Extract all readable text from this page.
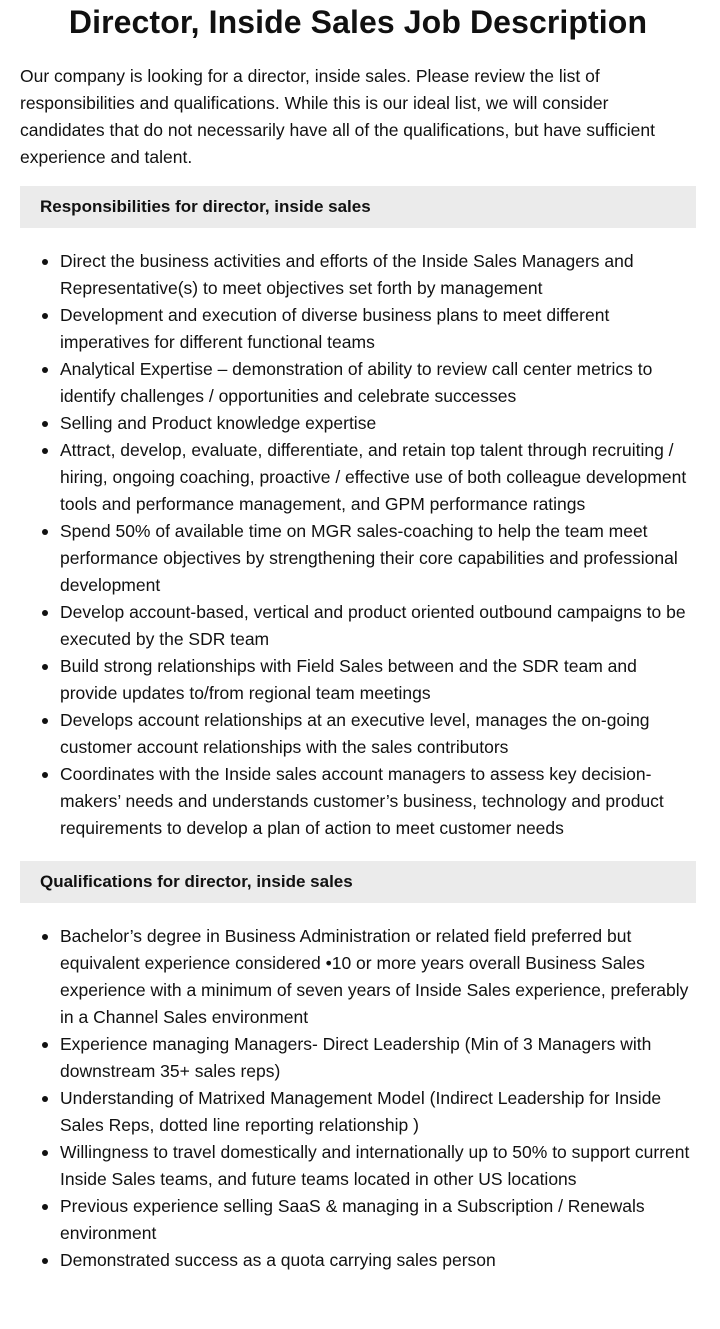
Director, Inside Sales Job Description

Our company is looking for a director, inside sales. Please review the list of responsibilities and qualifications. While this is our ideal list, we will consider candidates that do not necessarily have all of the qualifications, but have sufficient experience and talent.

Responsibilities for director, inside sales
Direct the business activities and efforts of the Inside Sales Managers and Representative(s) to meet objectives set forth by management
Development and execution of diverse business plans to meet different imperatives for different functional teams
Analytical Expertise – demonstration of ability to review call center metrics to identify challenges / opportunities and celebrate successes
Selling and Product knowledge expertise
Attract, develop, evaluate, differentiate, and retain top talent through recruiting / hiring, ongoing coaching, proactive / effective use of both colleague development tools and performance management, and GPM performance ratings
Spend 50% of available time on MGR sales-coaching to help the team meet performance objectives by strengthening their core capabilities and professional development
Develop account-based, vertical and product oriented outbound campaigns to be executed by the SDR team
Build strong relationships with Field Sales between and the SDR team and provide updates to/from regional team meetings
Develops account relationships at an executive level, manages the on-going customer account relationships with the sales contributors
Coordinates with the Inside sales account managers to assess key decision-makers’ needs and understands customer’s business, technology and product requirements to develop a plan of action to meet customer needs
Qualifications for director, inside sales
Bachelor’s degree in Business Administration or related field preferred but equivalent experience considered •10 or more years overall Business Sales experience with a minimum of seven years of Inside Sales experience, preferably in a Channel Sales environment
Experience managing Managers- Direct Leadership (Min of 3 Managers with downstream 35+ sales reps)
Understanding of Matrixed Management Model (Indirect Leadership for Inside Sales Reps, dotted line reporting relationship )
Willingness to travel domestically and internationally up to 50% to support current Inside Sales teams, and future teams located in other US locations
Previous experience selling SaaS & managing in a Subscription / Renewals environment
Demonstrated success as a quota carrying sales person
